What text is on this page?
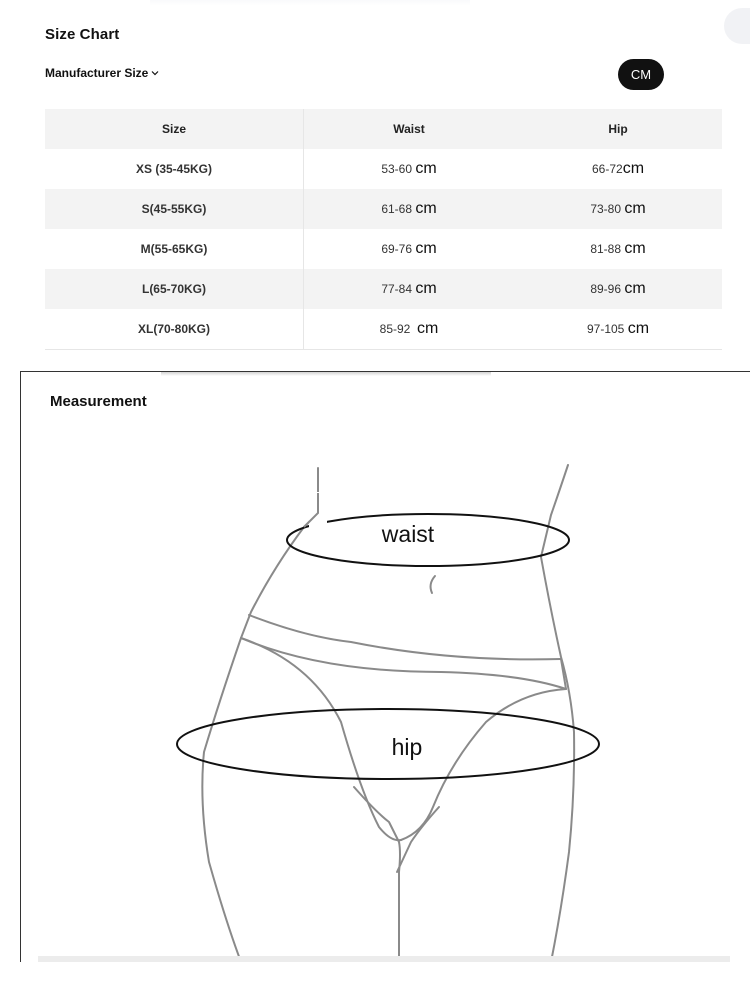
Size Chart
Manufacturer Size	CM
Size	Waist	Hip
XS (35-45KG)	53-60 cm	66-72cm
S(45-55KG)	61-68 cm	73-80 cm
M(55-65KG)	69-76 cm	81-88 cm
L(65-70KG)	77-84 cm	89-96 cm
XL(70-80KG)	85-92 cm	97-105 cm
Measurement
waist
hip
